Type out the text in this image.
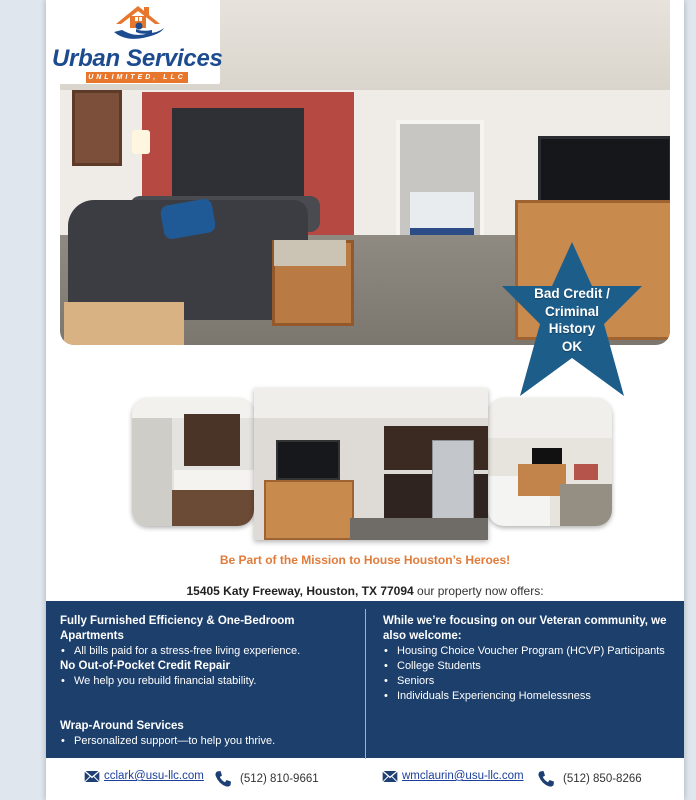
Urban Services
UNLIMITED, LLC
Bad Credit /
Criminal
History
OK
Be Part of the Mission to House Houston’s Heroes!
15405 Katy Freeway, Houston, TX 77094 our property now offers:
Fully Furnished Efficiency & One-Bedroom Apartments
• All bills paid for a stress-free living experience.
No Out-of-Pocket Credit Repair
• We help you rebuild financial stability.
Wrap-Around Services
• Personalized support—to help you thrive.
While we’re focusing on our Veteran community, we also welcome:
• Housing Choice Voucher Program (HCVP) Participants
• College Students
• Seniors
• Individuals Experiencing Homelessness
cclark@usu-llc.com	(512) 810-9661	wmclaurin@usu-llc.com	(512) 850-8266
